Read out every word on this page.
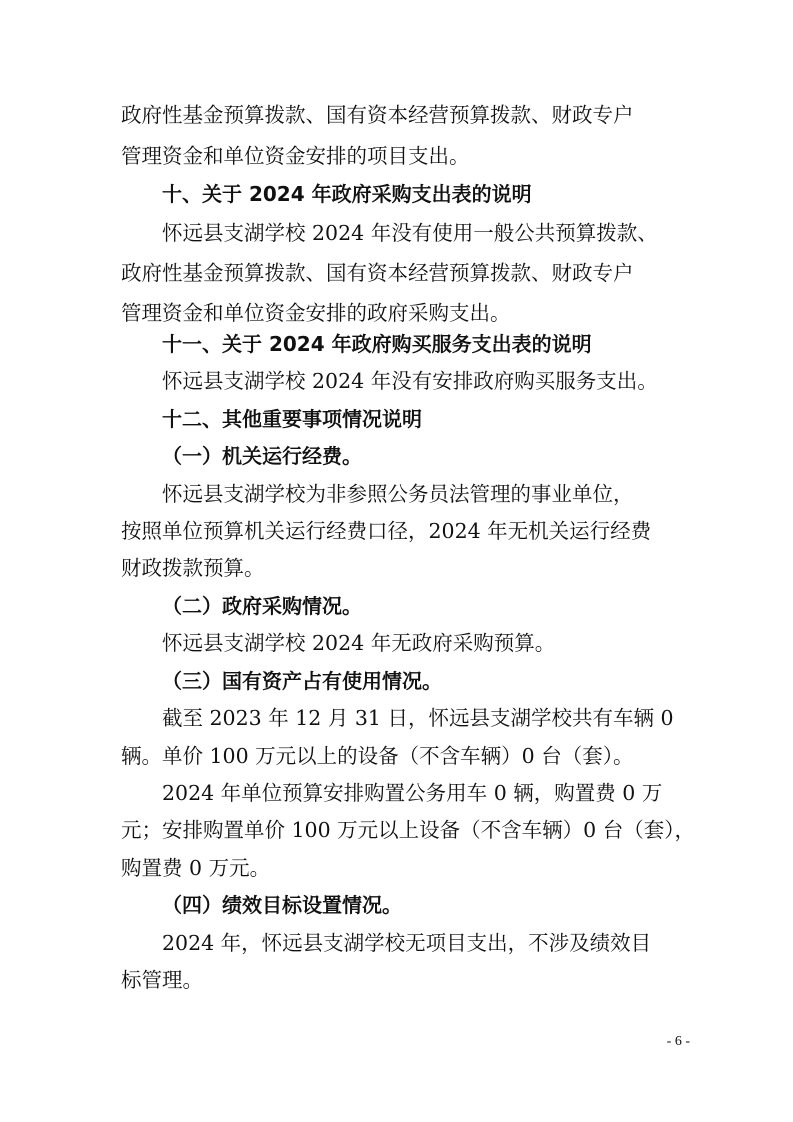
政府性基金预算拨款、国有资本经营预算拨款、财政专户
管理资金和单位资金安排的项目支出。
十、关于 2024 年政府采购支出表的说明
怀远县支湖学校 2024 年没有使用一般公共预算拨款、
政府性基金预算拨款、国有资本经营预算拨款、财政专户
管理资金和单位资金安排的政府采购支出。
十一、关于 2024 年政府购买服务支出表的说明
怀远县支湖学校 2024 年没有安排政府购买服务支出。
十二、其他重要事项情况说明
（一）机关运行经费。
怀远县支湖学校为非参照公务员法管理的事业单位，
按照单位预算机关运行经费口径，2024 年无机关运行经费
财政拨款预算。
（二）政府采购情况。
怀远县支湖学校 2024 年无政府采购预算。
（三）国有资产占有使用情况。
截至 2023 年 12 月 31 日，怀远县支湖学校共有车辆 0
辆。单价 100 万元以上的设备（不含车辆）0 台（套）。
2024 年单位预算安排购置公务用车 0 辆，购置费 0 万
元；安排购置单价 100 万元以上设备（不含车辆）0 台（套），
购置费 0 万元。
（四）绩效目标设置情况。
2024 年，怀远县支湖学校无项目支出，不涉及绩效目
标管理。
- 6 -
